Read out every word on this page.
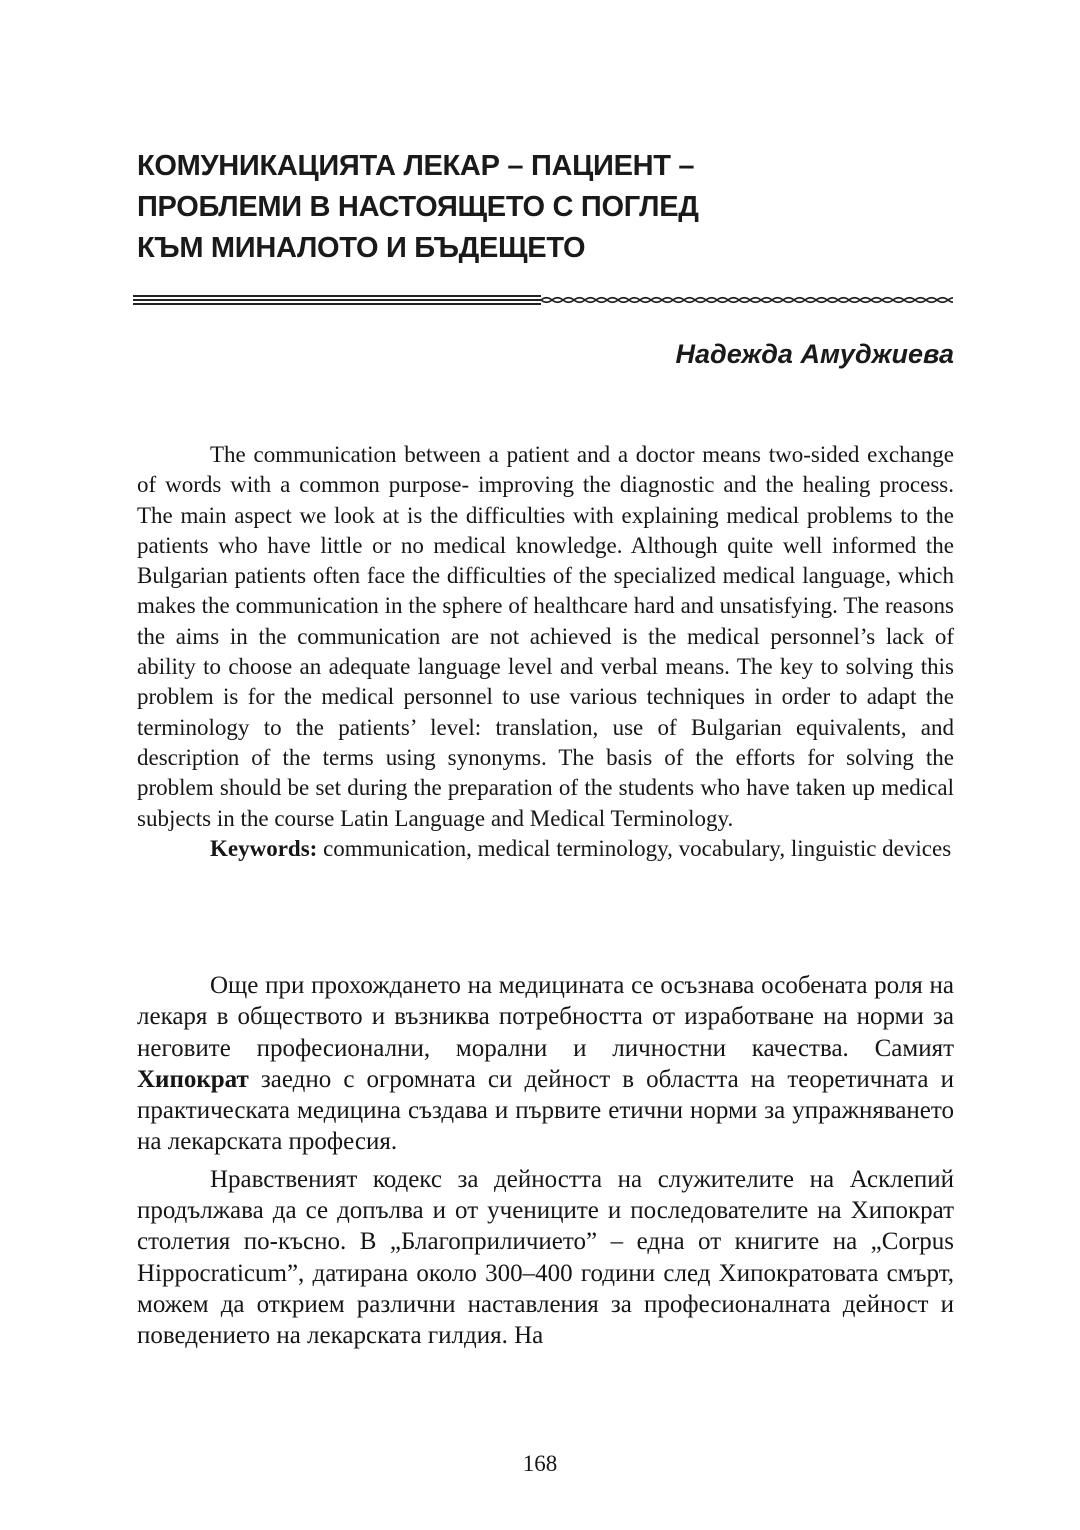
КОМУНИКАЦИЯТА ЛЕКАР – ПАЦИЕНТ –
ПРОБЛЕМИ В НАСТОЯЩЕТО С ПОГЛЕД
КЪМ МИНАЛОТО И БЪДЕЩЕТО
Надежда Амуджиева

The communication between a patient and a doctor means two-sided exchange of words with a common purpose- improving the diagnostic and the healing process. The main aspect we look at is the difficulties with explaining medical problems to the patients who have little or no medical knowledge. Although quite well informed the Bulgarian patients often face the difficulties of the specialized medical language, which makes the communication in the sphere of healthcare hard and unsatisfying. The reasons the aims in the communication are not achieved is the medical personnel’s lack of ability to choose an adequate language level and verbal means. The key to solving this problem is for the medical personnel to use various techniques in order to adapt the terminology to the patients’ level: translation, use of Bulgarian equivalents, and description of the terms using synonyms. The basis of the efforts for solving the problem should be set during the preparation of the students who have taken up medical subjects in the course Latin Language and Medical Terminology.

Keywords: communication, medical terminology, vocabulary, linguistic devices

Още при прохождането на медицината се осъзнава особената роля на лекаря в обществото и възниква потребността от изработване на норми за неговите професионални, морални и личностни качества. Самият Хипократ заедно с огромната си дейност в областта на теоретичната и практическата медицина създава и първите етични норми за упражняването на лекарската професия.

Нравственият кодекс за дейността на служителите на Асклепий продължава да се допълва и от учениците и последователите на Хипократ столетия по-късно. В „Благоприличието” – една от книгите на „Corpus Hippocraticum”, датирана около 300–400 години след Хипократовата смърт, можем да открием различни наставления за професионалната дейност и поведението на лекарската гилдия. На

168
